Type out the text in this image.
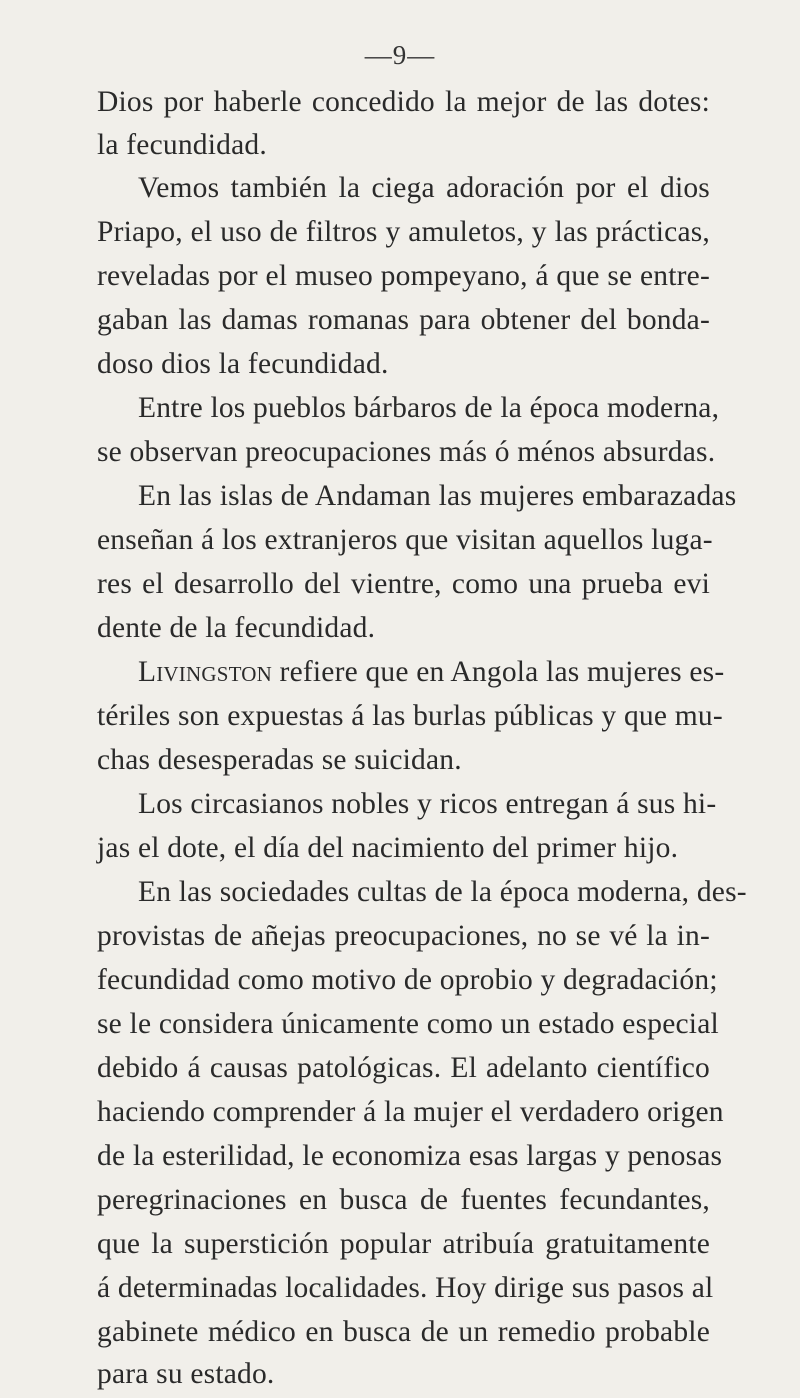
—9—
Dios por haberle concedido la mejor de las dotes:
la fecundidad.
Vemos también la ciega adoración por el dios
Priapo, el uso de filtros y amuletos, y las prácticas,
reveladas por el museo pompeyano, á que se entre-
gaban las damas romanas para obtener del bonda-
doso dios la fecundidad.
Entre los pueblos bárbaros de la época moderna,
se observan preocupaciones más ó ménos absurdas.
En las islas de Andaman las mujeres embarazadas
enseñan á los extranjeros que visitan aquellos luga-
res el desarrollo del vientre, como una prueba evi
dente de la fecundidad.
Livingston refiere que en Angola las mujeres es-
tériles son expuestas á las burlas públicas y que mu-
chas desesperadas se suicidan.
Los circasianos nobles y ricos entregan á sus hi-
jas el dote, el día del nacimiento del primer hijo.
En las sociedades cultas de la época moderna, des-
provistas de añejas preocupaciones, no se vé la in-
fecundidad como motivo de oprobio y degradación;
se le considera únicamente como un estado especial
debido á causas patológicas. El adelanto científico
haciendo comprender á la mujer el verdadero origen
de la esterilidad, le economiza esas largas y penosas
peregrinaciones en busca de fuentes fecundantes,
que la superstición popular atribuía gratuitamente
á determinadas localidades. Hoy dirige sus pasos al
gabinete médico en busca de un remedio probable
para su estado.
